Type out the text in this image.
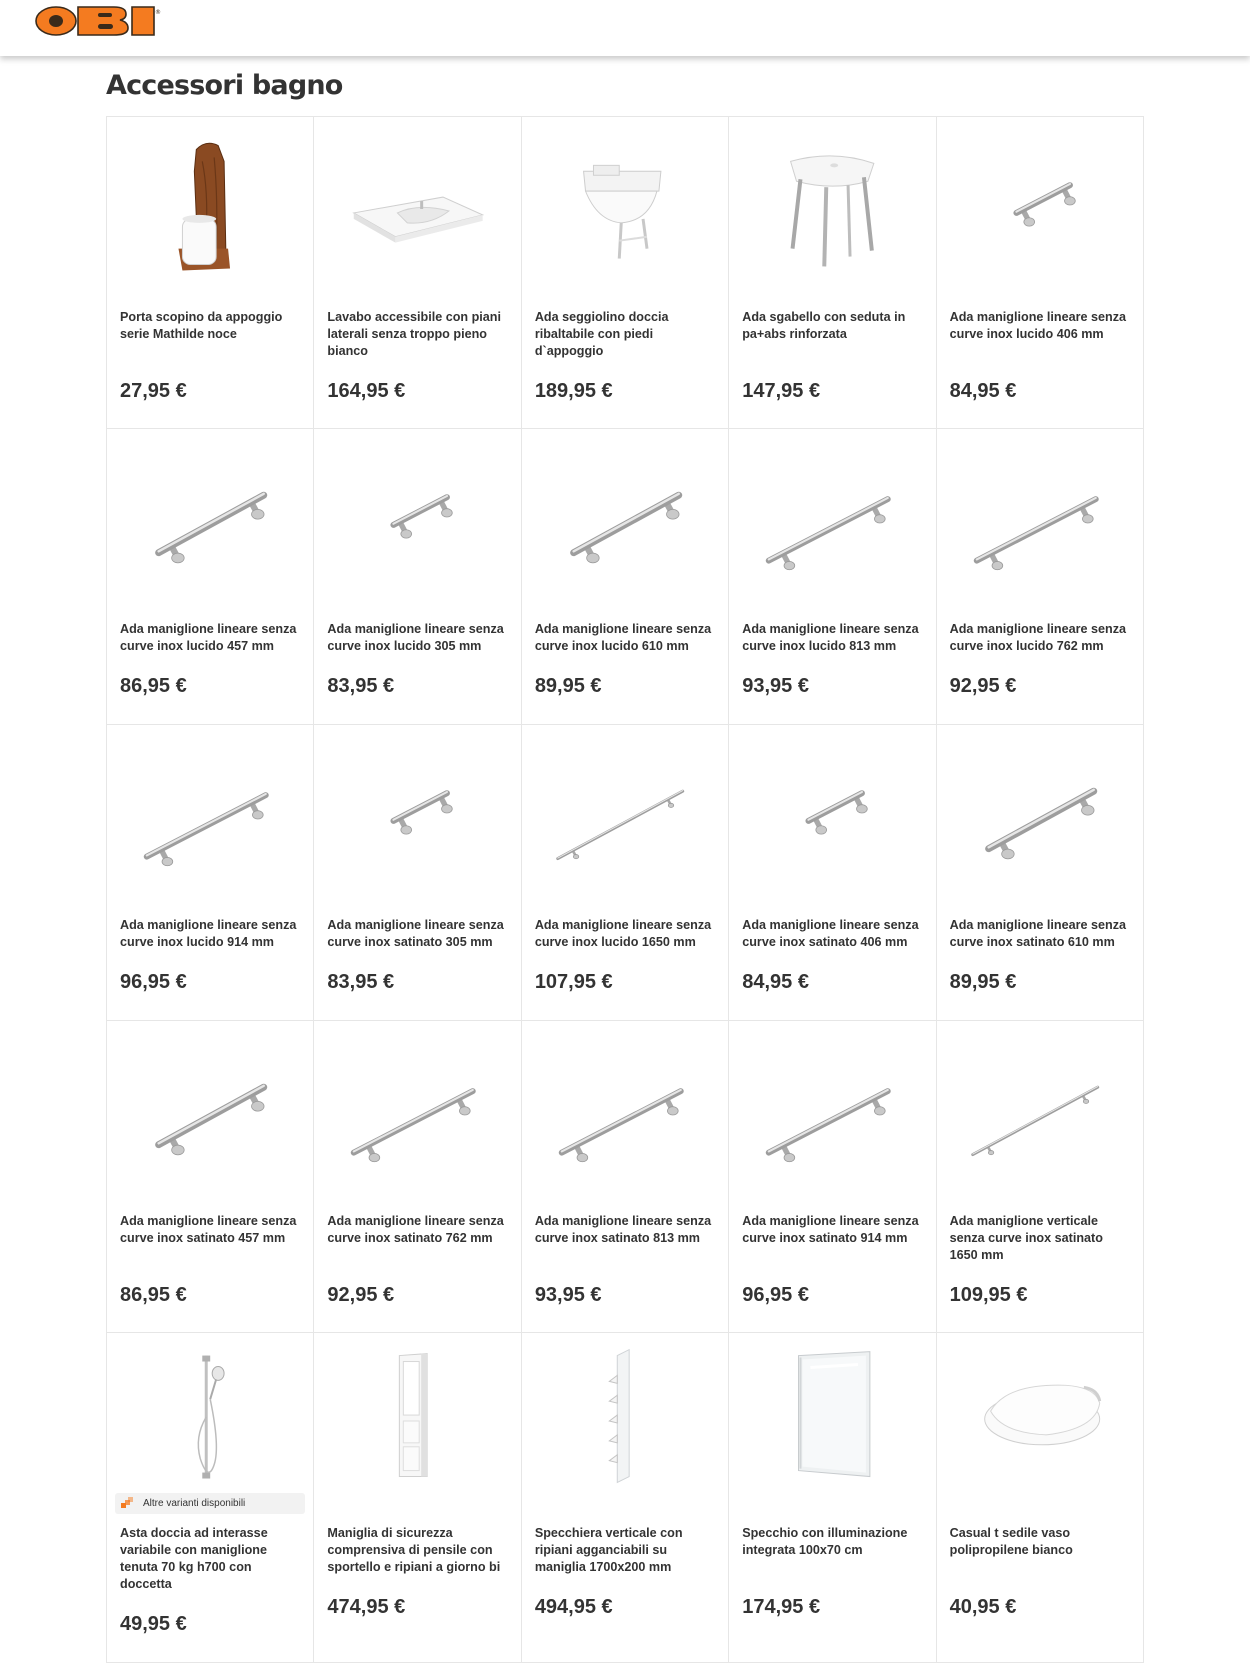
®
Accessori bagno
Porta scopino da appoggio serie Mathilde noce
27,95 €
Lavabo accessibile con piani laterali senza troppo pieno bianco
164,95 €
Ada seggiolino doccia ribaltabile con piedi d`appoggio
189,95 €
Ada sgabello con seduta in pa+abs rinforzata
147,95 €
Ada maniglione lineare senza curve inox lucido 406 mm
84,95 €
Ada maniglione lineare senza curve inox lucido 457 mm
86,95 €
Ada maniglione lineare senza curve inox lucido 305 mm
83,95 €
Ada maniglione lineare senza curve inox lucido 610 mm
89,95 €
Ada maniglione lineare senza curve inox lucido 813 mm
93,95 €
Ada maniglione lineare senza curve inox lucido 762 mm
92,95 €
Ada maniglione lineare senza curve inox lucido 914 mm
96,95 €
Ada maniglione lineare senza curve inox satinato 305 mm
83,95 €
Ada maniglione lineare senza curve inox lucido 1650 mm
107,95 €
Ada maniglione lineare senza curve inox satinato 406 mm
84,95 €
Ada maniglione lineare senza curve inox satinato 610 mm
89,95 €
Ada maniglione lineare senza curve inox satinato 457 mm
86,95 €
Ada maniglione lineare senza curve inox satinato 762 mm
92,95 €
Ada maniglione lineare senza curve inox satinato 813 mm
93,95 €
Ada maniglione lineare senza curve inox satinato 914 mm
96,95 €
Ada maniglione verticale senza curve inox satinato 1650 mm
109,95 €
Altre varianti disponibili
Asta doccia ad interasse variabile con maniglione tenuta 70 kg h700 con doccetta
49,95 €
Maniglia di sicurezza comprensiva di pensile con sportello e ripiani a giorno bi
474,95 €
Specchiera verticale con ripiani agganciabili su maniglia 1700x200 mm
494,95 €
Specchio con illuminazione integrata 100x70 cm
174,95 €
Casual t sedile vaso polipropilene bianco
40,95 €
